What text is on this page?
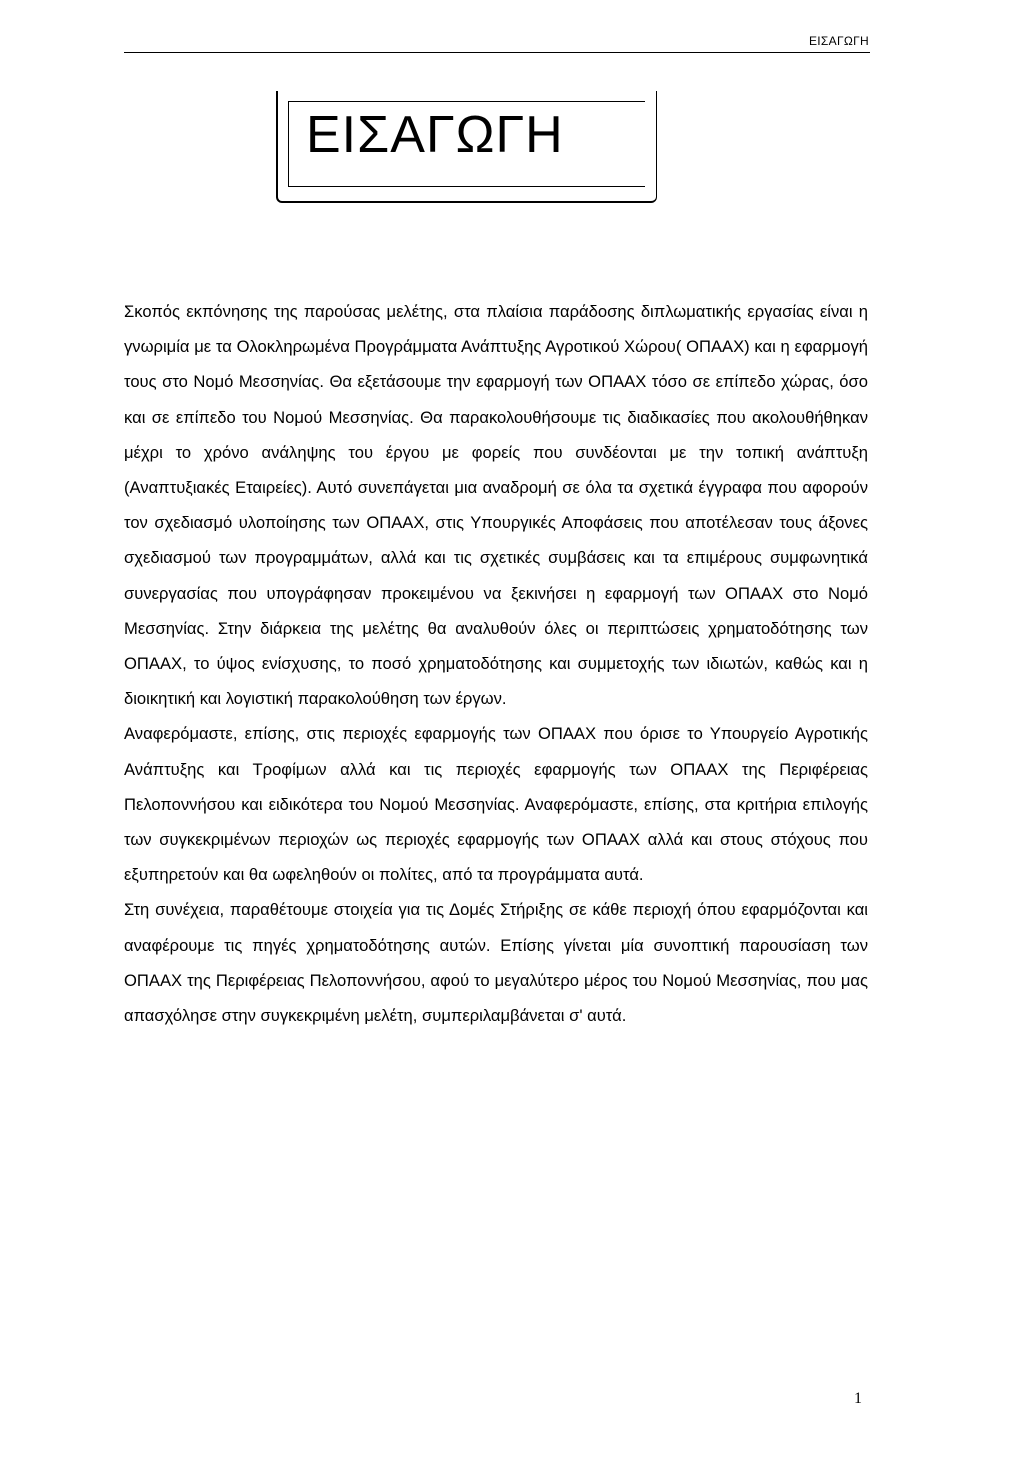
ΕΙΣΑΓΩΓΗ
ΕΙΣΑΓΩΓΗ

Σκοπός εκπόνησης της παρούσας μελέτης, στα πλαίσια παράδοσης διπλωματικής εργασίας είναι η γνωριμία με τα Ολοκληρωμένα Προγράμματα Ανάπτυξης Αγροτικού Χώρου( ΟΠΑΑΧ) και η εφαρμογή τους στο Νομό Μεσσηνίας. Θα εξετάσουμε την εφαρμογή των ΟΠΑΑΧ τόσο σε επίπεδο χώρας, όσο και σε επίπεδο του Νομού Μεσσηνίας. Θα παρακολουθήσουμε τις διαδικασίες που ακολουθήθηκαν μέχρι το χρόνο ανάληψης του έργου με φορείς που συνδέονται με την τοπική ανάπτυξη (Αναπτυξιακές Εταιρείες). Αυτό συνεπάγεται μια αναδρομή σε όλα τα σχετικά έγγραφα που αφορούν τον σχεδιασμό υλοποίησης των ΟΠΑΑΧ, στις Υπουργικές Αποφάσεις που αποτέλεσαν τους άξονες σχεδιασμού των προγραμμάτων, αλλά και τις σχετικές συμβάσεις και τα επιμέρους συμφωνητικά συνεργασίας που υπογράφησαν προκειμένου να ξεκινήσει η εφαρμογή των ΟΠΑΑΧ στο Νομό Μεσσηνίας. Στην διάρκεια της μελέτης θα αναλυθούν όλες οι περιπτώσεις χρηματοδότησης των ΟΠΑΑΧ, το ύψος ενίσχυσης, το ποσό χρηματοδότησης και συμμετοχής των ιδιωτών, καθώς και η διοικητική και λογιστική παρακολούθηση των έργων.

Αναφερόμαστε, επίσης, στις περιοχές εφαρμογής των ΟΠΑΑΧ που όρισε το Υπουργείο Αγροτικής Ανάπτυξης και Τροφίμων αλλά και τις περιοχές εφαρμογής των ΟΠΑΑΧ της Περιφέρειας Πελοποννήσου και ειδικότερα του Νομού Μεσσηνίας. Αναφερόμαστε, επίσης, στα κριτήρια επιλογής των συγκεκριμένων περιοχών ως περιοχές εφαρμογής των ΟΠΑΑΧ αλλά και στους στόχους που εξυπηρετούν και θα ωφεληθούν οι πολίτες, από τα προγράμματα αυτά.

Στη συνέχεια, παραθέτουμε στοιχεία για τις Δομές Στήριξης σε κάθε περιοχή όπου εφαρμόζονται και αναφέρουμε τις πηγές χρηματοδότησης αυτών. Επίσης γίνεται μία συνοπτική παρουσίαση των ΟΠΑΑΧ της Περιφέρειας Πελοποννήσου, αφού το μεγαλύτερο μέρος του Νομού Μεσσηνίας, που μας απασχόλησε στην συγκεκριμένη μελέτη, συμπεριλαμβάνεται σ' αυτά.

1
